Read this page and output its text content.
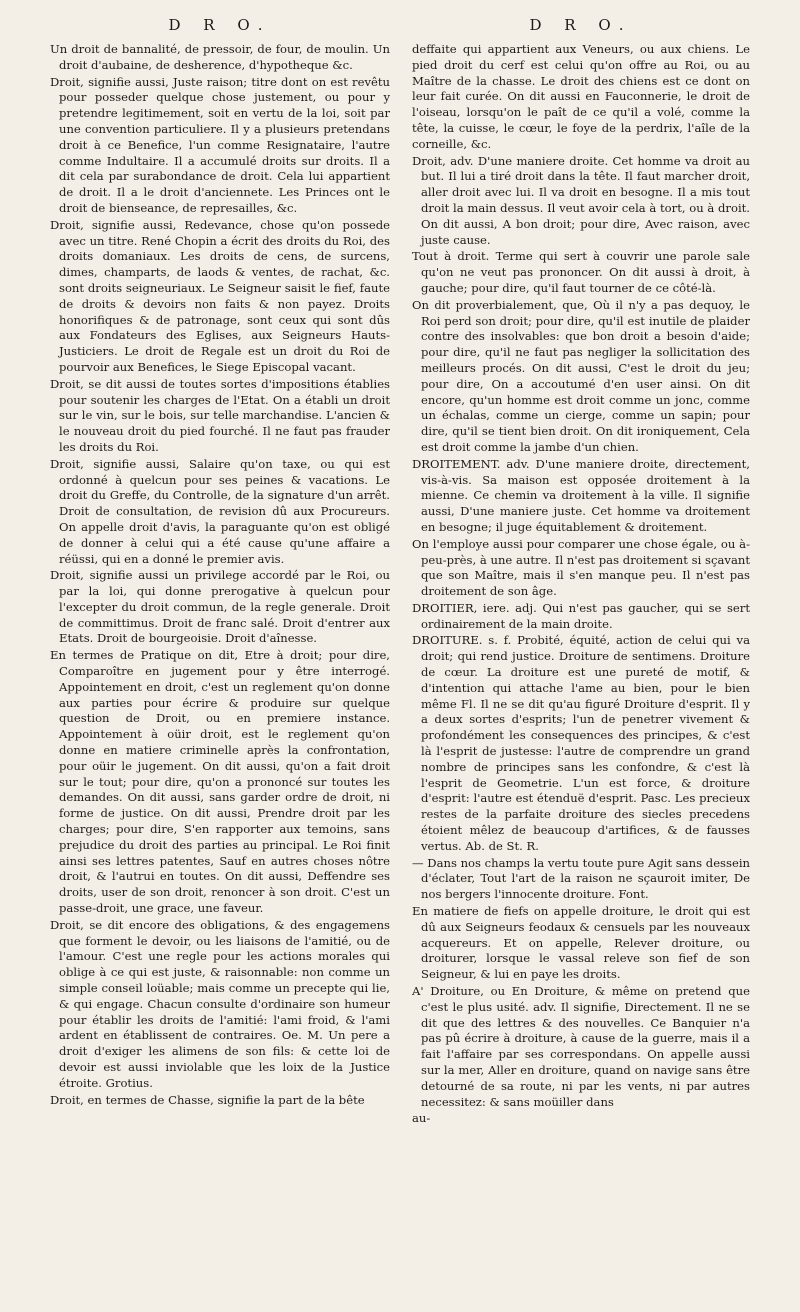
D R O.

Un droit de bannalité, de pressoir, de four, de moulin. Un droit d'aubaine, de desherence, d'hypotheque &c.

Droit, signifie aussi, Juste raison; titre dont on est revêtu pour posseder quelque chose justement, ou pour y pretendre legitimement, soit en vertu de la loi, soit par une convention particuliere. Il y a plusieurs pretendans droit à ce Benefice, l'un comme Resignataire, l'autre comme Indultaire. Il a accumulé droits sur droits. Il a dit cela par surabondance de droit. Cela lui appartient de droit. Il a le droit d'anciennete. Les Princes ont le droit de bienseance, de represailles, &c.

Droit, signifie aussi, Redevance, chose qu'on possede avec un titre. René Chopin a écrit des droits du Roi, des droits domaniaux. Les droits de cens, de surcens, dimes, champarts, de laods & ventes, de rachat, &c. sont droits seigneuriaux. Le Seigneur saisit le fief, faute de droits & devoirs non faits & non payez. Droits honorifiques & de patronage, sont ceux qui sont dûs aux Fondateurs des Eglises, aux Seigneurs Hauts-Justiciers. Le droit de Regale est un droit du Roi de pourvoir aux Benefices, le Siege Episcopal vacant.

Droit, se dit aussi de toutes sortes d'impositions établies pour soutenir les charges de l'Etat. On a établi un droit sur le vin, sur le bois, sur telle marchandise. L'ancien & le nouveau droit du pied fourché. Il ne faut pas frauder les droits du Roi.

Droit, signifie aussi, Salaire qu'on taxe, ou qui est ordonné à quelcun pour ses peines & vacations. Le droit du Greffe, du Controlle, de la signature d'un arrêt. Droit de consultation, de revision dû aux Procureurs. On appelle droit d'avis, la paraguante qu'on est obligé de donner à celui qui a été cause qu'une affaire a réüssi, qui en a donné le premier avis.

Droit, signifie aussi un privilege accordé par le Roi, ou par la loi, qui donne prerogative à quelcun pour l'excepter du droit commun, de la regle generale. Droit de committimus. Droit de franc salé. Droit d'entrer aux Etats. Droit de bourgeoisie. Droit d'aînesse.

En termes de Pratique on dit, Etre à droit; pour dire, Comparoître en jugement pour y être interrogé. Appointement en droit, c'est un reglement qu'on donne aux parties pour écrire & produire sur quelque question de Droit, ou en premiere instance. Appointement à oüir droit, est le reglement qu'on donne en matiere criminelle après la confrontation, pour oüir le jugement. On dit aussi, qu'on a fait droit sur le tout; pour dire, qu'on a prononcé sur toutes les demandes. On dit aussi, sans garder ordre de droit, ni forme de justice. On dit aussi, Prendre droit par les charges; pour dire, S'en rapporter aux temoins, sans prejudice du droit des parties au principal. Le Roi finit ainsi ses lettres patentes, Sauf en autres choses nôtre droit, & l'autrui en toutes. On dit aussi, Deffendre ses droits, user de son droit, renoncer à son droit. C'est un passe-droit, une grace, une faveur.

Droit, se dit encore des obligations, & des engagemens que forment le devoir, ou les liaisons de l'amitié, ou de l'amour. C'est une regle pour les actions morales qui oblige à ce qui est juste, & raisonnable: non comme un simple conseil loüable; mais comme un precepte qui lie, & qui engage. Chacun consulte d'ordinaire son humeur pour établir les droits de l'amitié: l'ami froid, & l'ami ardent en établissent de contraires. Oe. M. Un pere a droit d'exiger les alimens de son fils: & cette loi de devoir est aussi inviolable que les loix de la Justice étroite. Grotius.

Droit, en termes de Chasse, signifie la part de la bête

D R O.

deffaite qui appartient aux Veneurs, ou aux chiens. Le pied droit du cerf est celui qu'on offre au Roi, ou au Maître de la chasse. Le droit des chiens est ce dont on leur fait curée. On dit aussi en Fauconnerie, le droit de l'oiseau, lorsqu'on le paît de ce qu'il a volé, comme la tête, la cuisse, le cœur, le foye de la perdrix, l'aîle de la corneille, &c.

Droit, adv. D'une maniere droite. Cet homme va droit au but. Il lui a tiré droit dans la tête. Il faut marcher droit, aller droit avec lui. Il va droit en besogne. Il a mis tout droit la main dessus. Il veut avoir cela à tort, ou à droit. On dit aussi, A bon droit; pour dire, Avec raison, avec juste cause.

Tout à droit. Terme qui sert à couvrir une parole sale qu'on ne veut pas prononcer. On dit aussi à droit, à gauche; pour dire, qu'il faut tourner de ce côté-là.

On dit proverbialement, que, Où il n'y a pas dequoy, le Roi perd son droit; pour dire, qu'il est inutile de plaider contre des insolvables: que bon droit a besoin d'aide; pour dire, qu'il ne faut pas negliger la sollicitation des meilleurs procés. On dit aussi, C'est le droit du jeu; pour dire, On a accoutumé d'en user ainsi. On dit encore, qu'un homme est droit comme un jonc, comme un échalas, comme un cierge, comme un sapin; pour dire, qu'il se tient bien droit. On dit ironiquement, Cela est droit comme la jambe d'un chien.

DROITEMENT. adv. D'une maniere droite, directement, vis-à-vis. Sa maison est opposée droitement à la mienne. Ce chemin va droitement à la ville. Il signifie aussi, D'une maniere juste. Cet homme va droitement en besogne; il juge équitablement & droitement.

On l'employe aussi pour comparer une chose égale, ou à-peu-près, à une autre. Il n'est pas droitement si sçavant que son Maître, mais il s'en manque peu. Il n'est pas droitement de son âge.

DROITIER, iere. adj. Qui n'est pas gaucher, qui se sert ordinairement de la main droite.

DROITURE. s. f. Probité, équité, action de celui qui va droit; qui rend justice. Droiture de sentimens. Droiture de cœur. La droiture est une pureté de motif, & d'intention qui attache l'ame au bien, pour le bien même Fl. Il ne se dit qu'au figuré Droiture d'esprit. Il y a deux sortes d'esprits; l'un de penetrer vivement & profondément les consequences des principes, & c'est là l'esprit de justesse: l'autre de comprendre un grand nombre de principes sans les confondre, & c'est là l'esprit de Geometrie. L'un est force, & droiture d'esprit: l'autre est étenduë d'esprit. Pasc. Les precieux restes de la parfaite droiture des siecles precedens étoient mêlez de beaucoup d'artifices, & de fausses vertus. Ab. de St. R.

— Dans nos champs la vertu toute pure Agit sans dessein d'éclater, Tout l'art de la raison ne sçauroit imiter, De nos bergers l'innocente droiture. Font.

En matiere de fiefs on appelle droiture, le droit qui est dû aux Seigneurs feodaux & censuels par les nouveaux acquereurs. Et on appelle, Relever droiture, ou droiturer, lorsque le vassal releve son fief de son Seigneur, & lui en paye les droits.

A' Droiture, ou En Droiture, & même on pretend que c'est le plus usité. adv. Il signifie, Directement. Il ne se dit que des lettres & des nouvelles. Ce Banquier n'a pas pû écrire à droiture, à cause de la guerre, mais il a fait l'affaire par ses correspondans. On appelle aussi sur la mer, Aller en droiture, quand on navige sans être detourné de sa route, ni par les vents, ni par autres necessitez: & sans moüiller dans

au-
